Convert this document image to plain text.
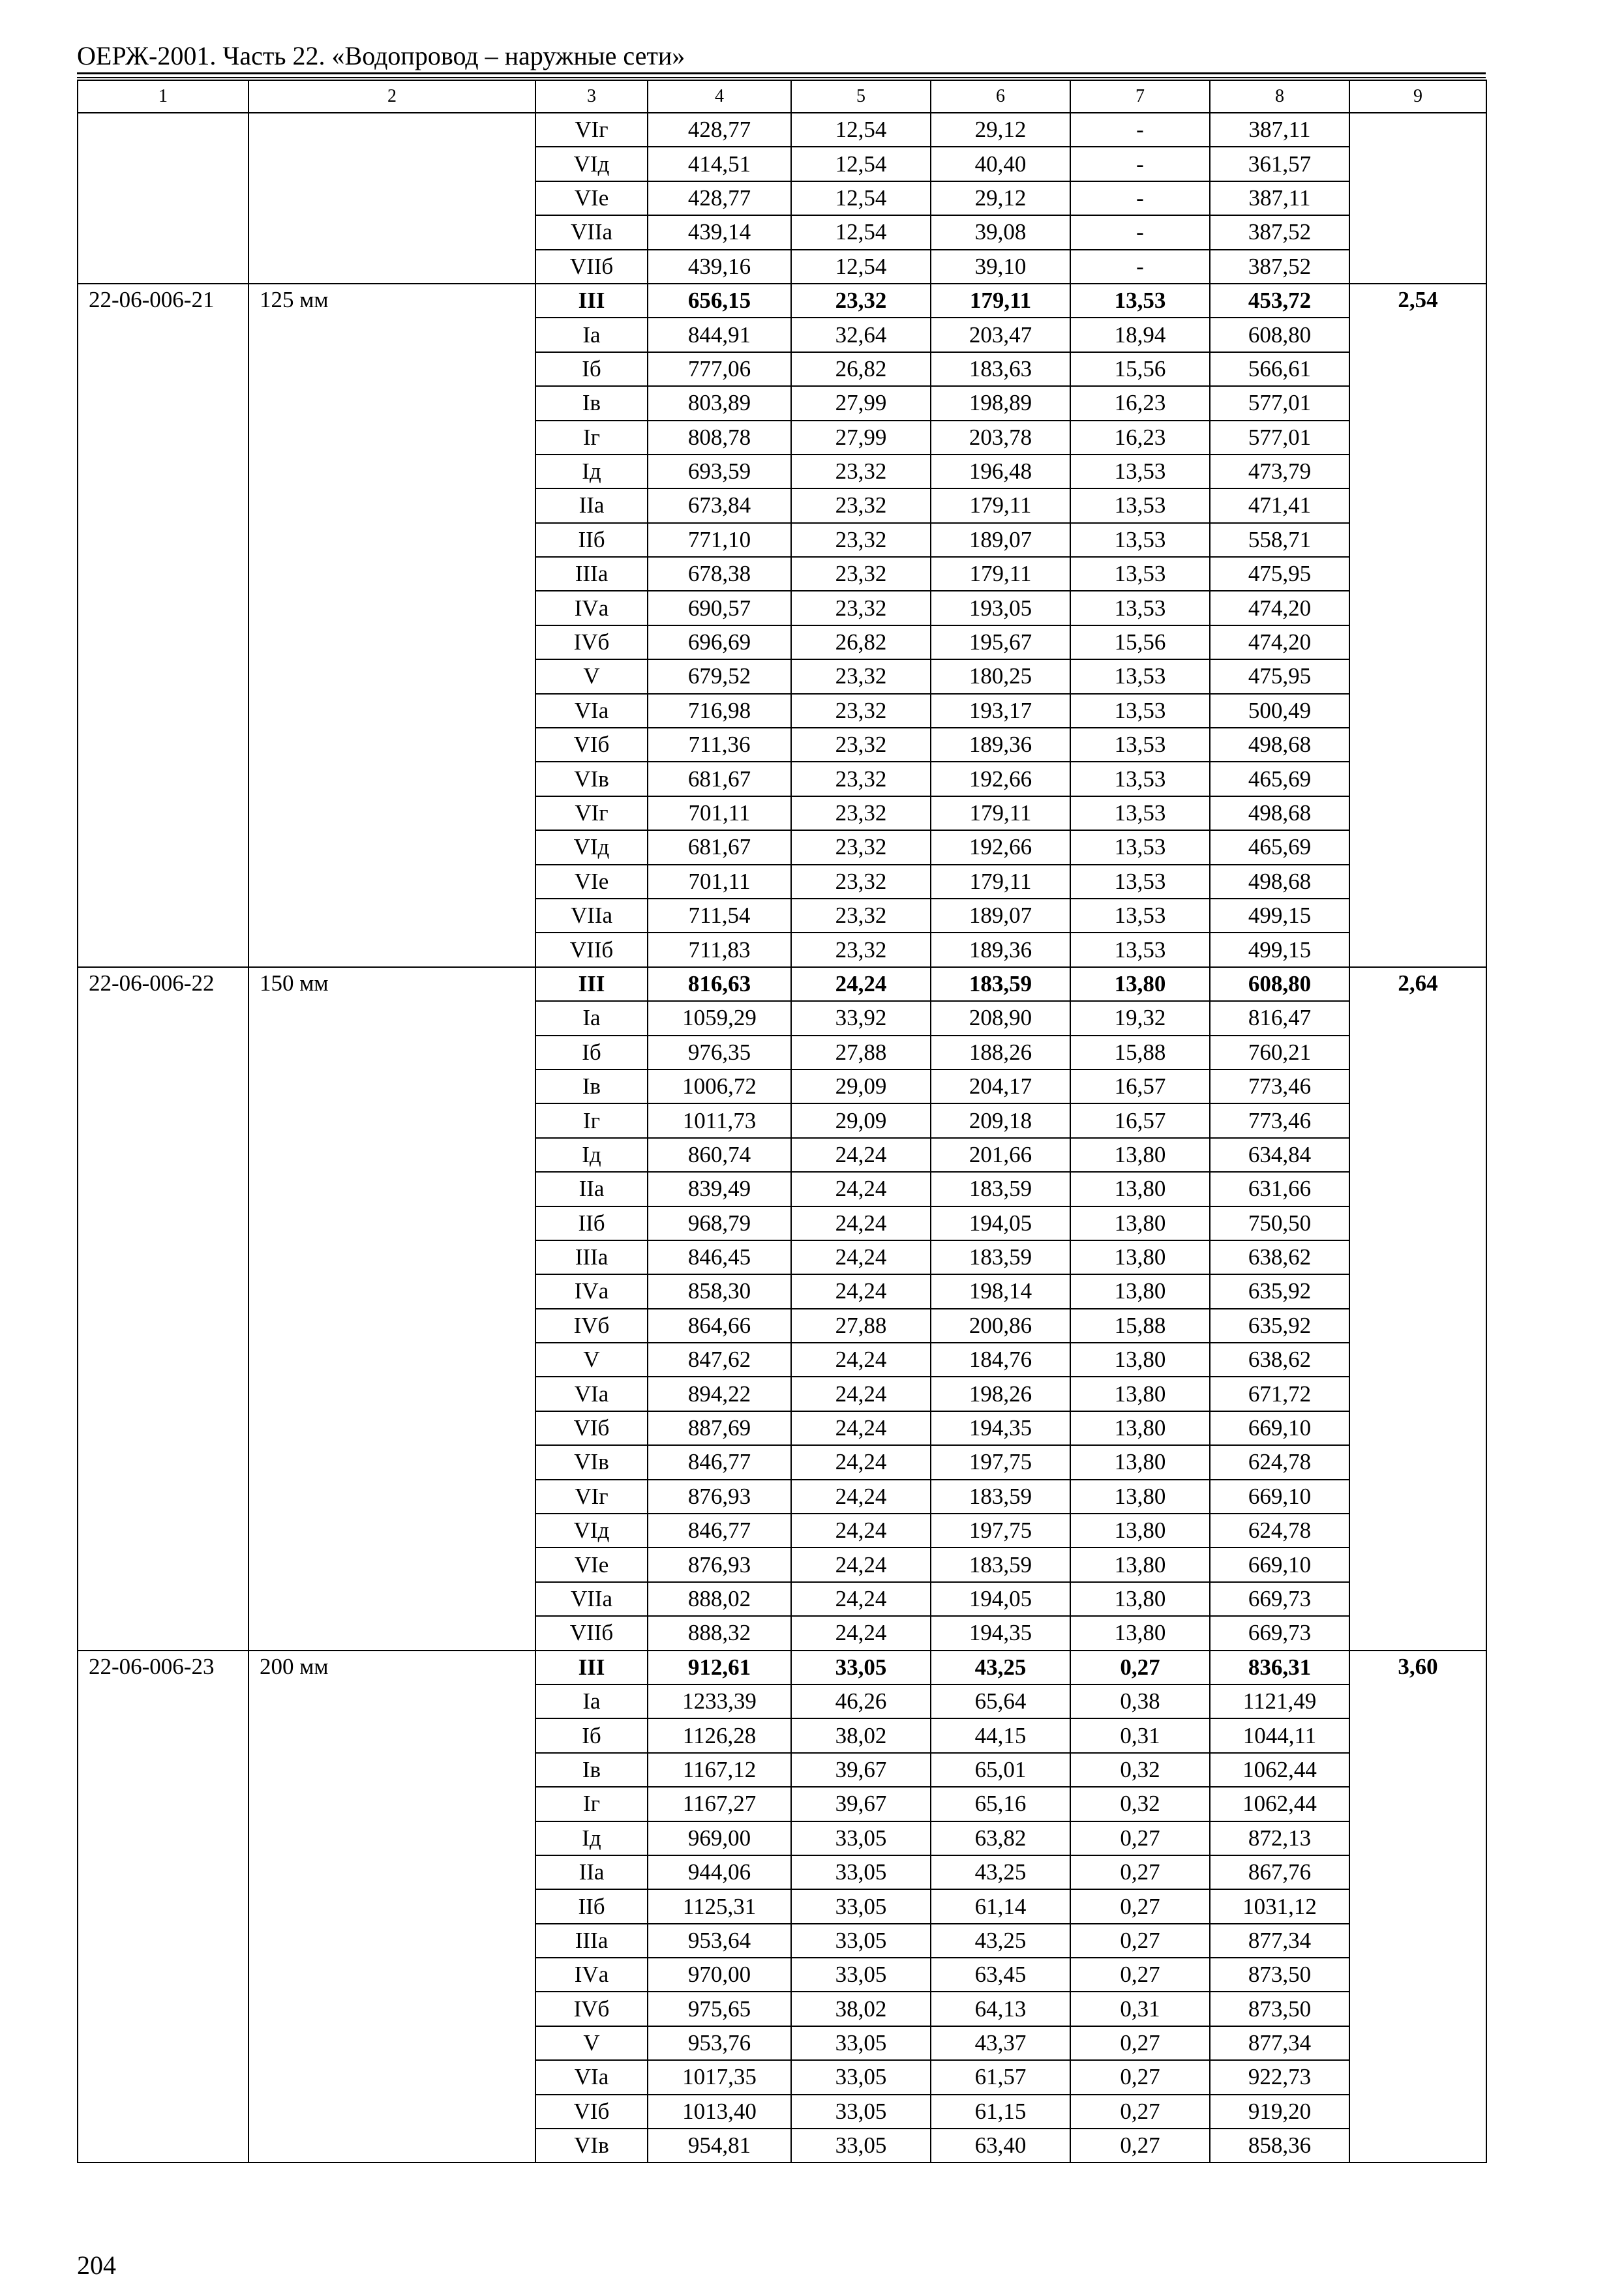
ОЕРЖ-2001. Часть 22. «Водопровод – наружные сети»
1	2	3	4	5	6	7	8	9
		VIг	428,77	12,54	29,12	-	387,11	
		VIд	414,51	12,54	40,40	-	361,57	
		VIе	428,77	12,54	29,12	-	387,11	
		VIIа	439,14	12,54	39,08	-	387,52	
		VIIб	439,16	12,54	39,10	-	387,52	
22-06-006-21	125 мм	III	656,15	23,32	179,11	13,53	453,72	2,54
		Iа	844,91	32,64	203,47	18,94	608,80	
		Iб	777,06	26,82	183,63	15,56	566,61	
		Iв	803,89	27,99	198,89	16,23	577,01	
		Iг	808,78	27,99	203,78	16,23	577,01	
		Iд	693,59	23,32	196,48	13,53	473,79	
		IIа	673,84	23,32	179,11	13,53	471,41	
		IIб	771,10	23,32	189,07	13,53	558,71	
		IIIа	678,38	23,32	179,11	13,53	475,95	
		IVа	690,57	23,32	193,05	13,53	474,20	
		IVб	696,69	26,82	195,67	15,56	474,20	
		V	679,52	23,32	180,25	13,53	475,95	
		VIа	716,98	23,32	193,17	13,53	500,49	
		VIб	711,36	23,32	189,36	13,53	498,68	
		VIв	681,67	23,32	192,66	13,53	465,69	
		VIг	701,11	23,32	179,11	13,53	498,68	
		VIд	681,67	23,32	192,66	13,53	465,69	
		VIе	701,11	23,32	179,11	13,53	498,68	
		VIIа	711,54	23,32	189,07	13,53	499,15	
		VIIб	711,83	23,32	189,36	13,53	499,15	
22-06-006-22	150 мм	III	816,63	24,24	183,59	13,80	608,80	2,64
		Iа	1059,29	33,92	208,90	19,32	816,47	
		Iб	976,35	27,88	188,26	15,88	760,21	
		Iв	1006,72	29,09	204,17	16,57	773,46	
		Iг	1011,73	29,09	209,18	16,57	773,46	
		Iд	860,74	24,24	201,66	13,80	634,84	
		IIа	839,49	24,24	183,59	13,80	631,66	
		IIб	968,79	24,24	194,05	13,80	750,50	
		IIIа	846,45	24,24	183,59	13,80	638,62	
		IVа	858,30	24,24	198,14	13,80	635,92	
		IVб	864,66	27,88	200,86	15,88	635,92	
		V	847,62	24,24	184,76	13,80	638,62	
		VIа	894,22	24,24	198,26	13,80	671,72	
		VIб	887,69	24,24	194,35	13,80	669,10	
		VIв	846,77	24,24	197,75	13,80	624,78	
		VIг	876,93	24,24	183,59	13,80	669,10	
		VIд	846,77	24,24	197,75	13,80	624,78	
		VIе	876,93	24,24	183,59	13,80	669,10	
		VIIа	888,02	24,24	194,05	13,80	669,73	
		VIIб	888,32	24,24	194,35	13,80	669,73	
22-06-006-23	200 мм	III	912,61	33,05	43,25	0,27	836,31	3,60
		Iа	1233,39	46,26	65,64	0,38	1121,49	
		Iб	1126,28	38,02	44,15	0,31	1044,11	
		Iв	1167,12	39,67	65,01	0,32	1062,44	
		Iг	1167,27	39,67	65,16	0,32	1062,44	
		Iд	969,00	33,05	63,82	0,27	872,13	
		IIа	944,06	33,05	43,25	0,27	867,76	
		IIб	1125,31	33,05	61,14	0,27	1031,12	
		IIIа	953,64	33,05	43,25	0,27	877,34	
		IVа	970,00	33,05	63,45	0,27	873,50	
		IVб	975,65	38,02	64,13	0,31	873,50	
		V	953,76	33,05	43,37	0,27	877,34	
		VIа	1017,35	33,05	61,57	0,27	922,73	
		VIб	1013,40	33,05	61,15	0,27	919,20	
		VIв	954,81	33,05	63,40	0,27	858,36	
204
